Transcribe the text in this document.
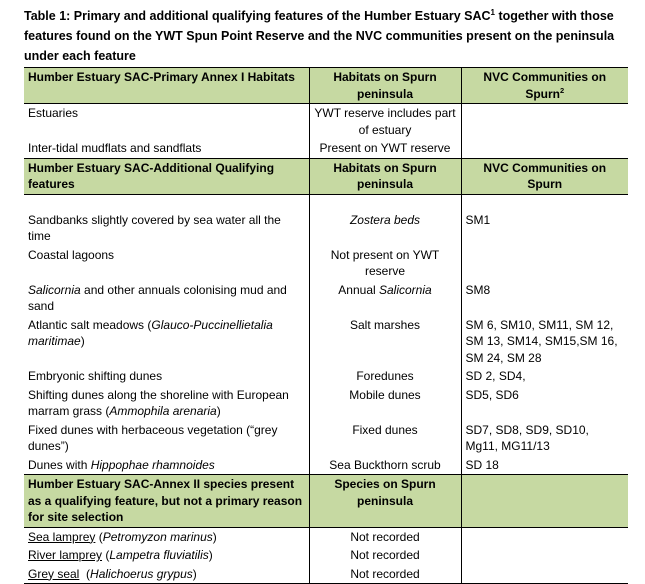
Table 1: Primary and additional qualifying features of the Humber Estuary SAC$^1$ together with those features found on the YWT Spun Point Reserve and the NVC communities present on the peninsula under each feature
Humber Estuary SAC-Primary Annex I Habitats	Habitats on Spurn peninsula	NVC Communities on Spurn$^2$
Estuaries	YWT reserve includes part of estuary	
Inter-tidal mudflats and sandflats	Present on YWT reserve	
Humber Estuary SAC-Additional Qualifying features	Habitats on Spurn peninsula	NVC Communities on Spurn

Sandbanks slightly covered by sea water all the time	Zostera beds	SM1
Coastal lagoons	Not present on YWT reserve	
Salicornia and other annuals colonising mud and sand	Annual Salicornia	SM8
Atlantic salt meadows (Glauco-Puccinellietalia maritimae)	Salt marshes	SM 6, SM10, SM11, SM 12, SM 13, SM14, SM15,SM 16, SM 24, SM 28
Embryonic shifting dunes	Foredunes	SD 2, SD4,
Shifting dunes along the shoreline with European marram grass (Ammophila arenaria)	Mobile dunes	SD5, SD6
Fixed dunes with herbaceous vegetation (“grey dunes”)	Fixed dunes	SD7, SD8, SD9, SD10, Mg11, MG11/13
Dunes with Hippophae rhamnoides	Sea Buckthorn scrub	SD 18
Humber Estuary SAC-Annex II species present as a qualifying feature, but not a primary reason for site selection	Species on Spurn peninsula	
Sea lamprey (Petromyzon marinus)	Not recorded	
River lamprey (Lampetra fluviatilis)	Not recorded	
Grey seal  (Halichoerus grypus)	Not recorded	
